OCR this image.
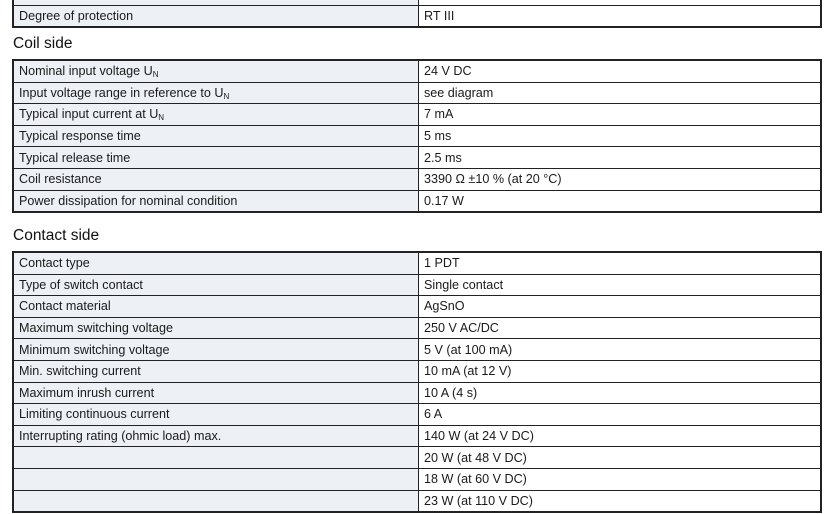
Degree of protection	RT III
Coil side
Nominal input voltage $U_N$	24 V DC
Input voltage range in reference to $U_N$	see diagram
Typical input current at $U_N$	7 mA
Typical response time	5 ms
Typical release time	2.5 ms
Coil resistance	3390 Ω ±10 % (at 20 °C)
Power dissipation for nominal condition	0.17 W
Contact side
Contact type	1 PDT
Type of switch contact	Single contact
Contact material	AgSnO
Maximum switching voltage	250 V AC/DC
Minimum switching voltage	5 V (at 100 mA)
Min. switching current	10 mA (at 12 V)
Maximum inrush current	10 A (4 s)
Limiting continuous current	6 A
Interrupting rating (ohmic load) max.	140 W (at 24 V DC)
	20 W (at 48 V DC)
	18 W (at 60 V DC)
	23 W (at 110 V DC)
